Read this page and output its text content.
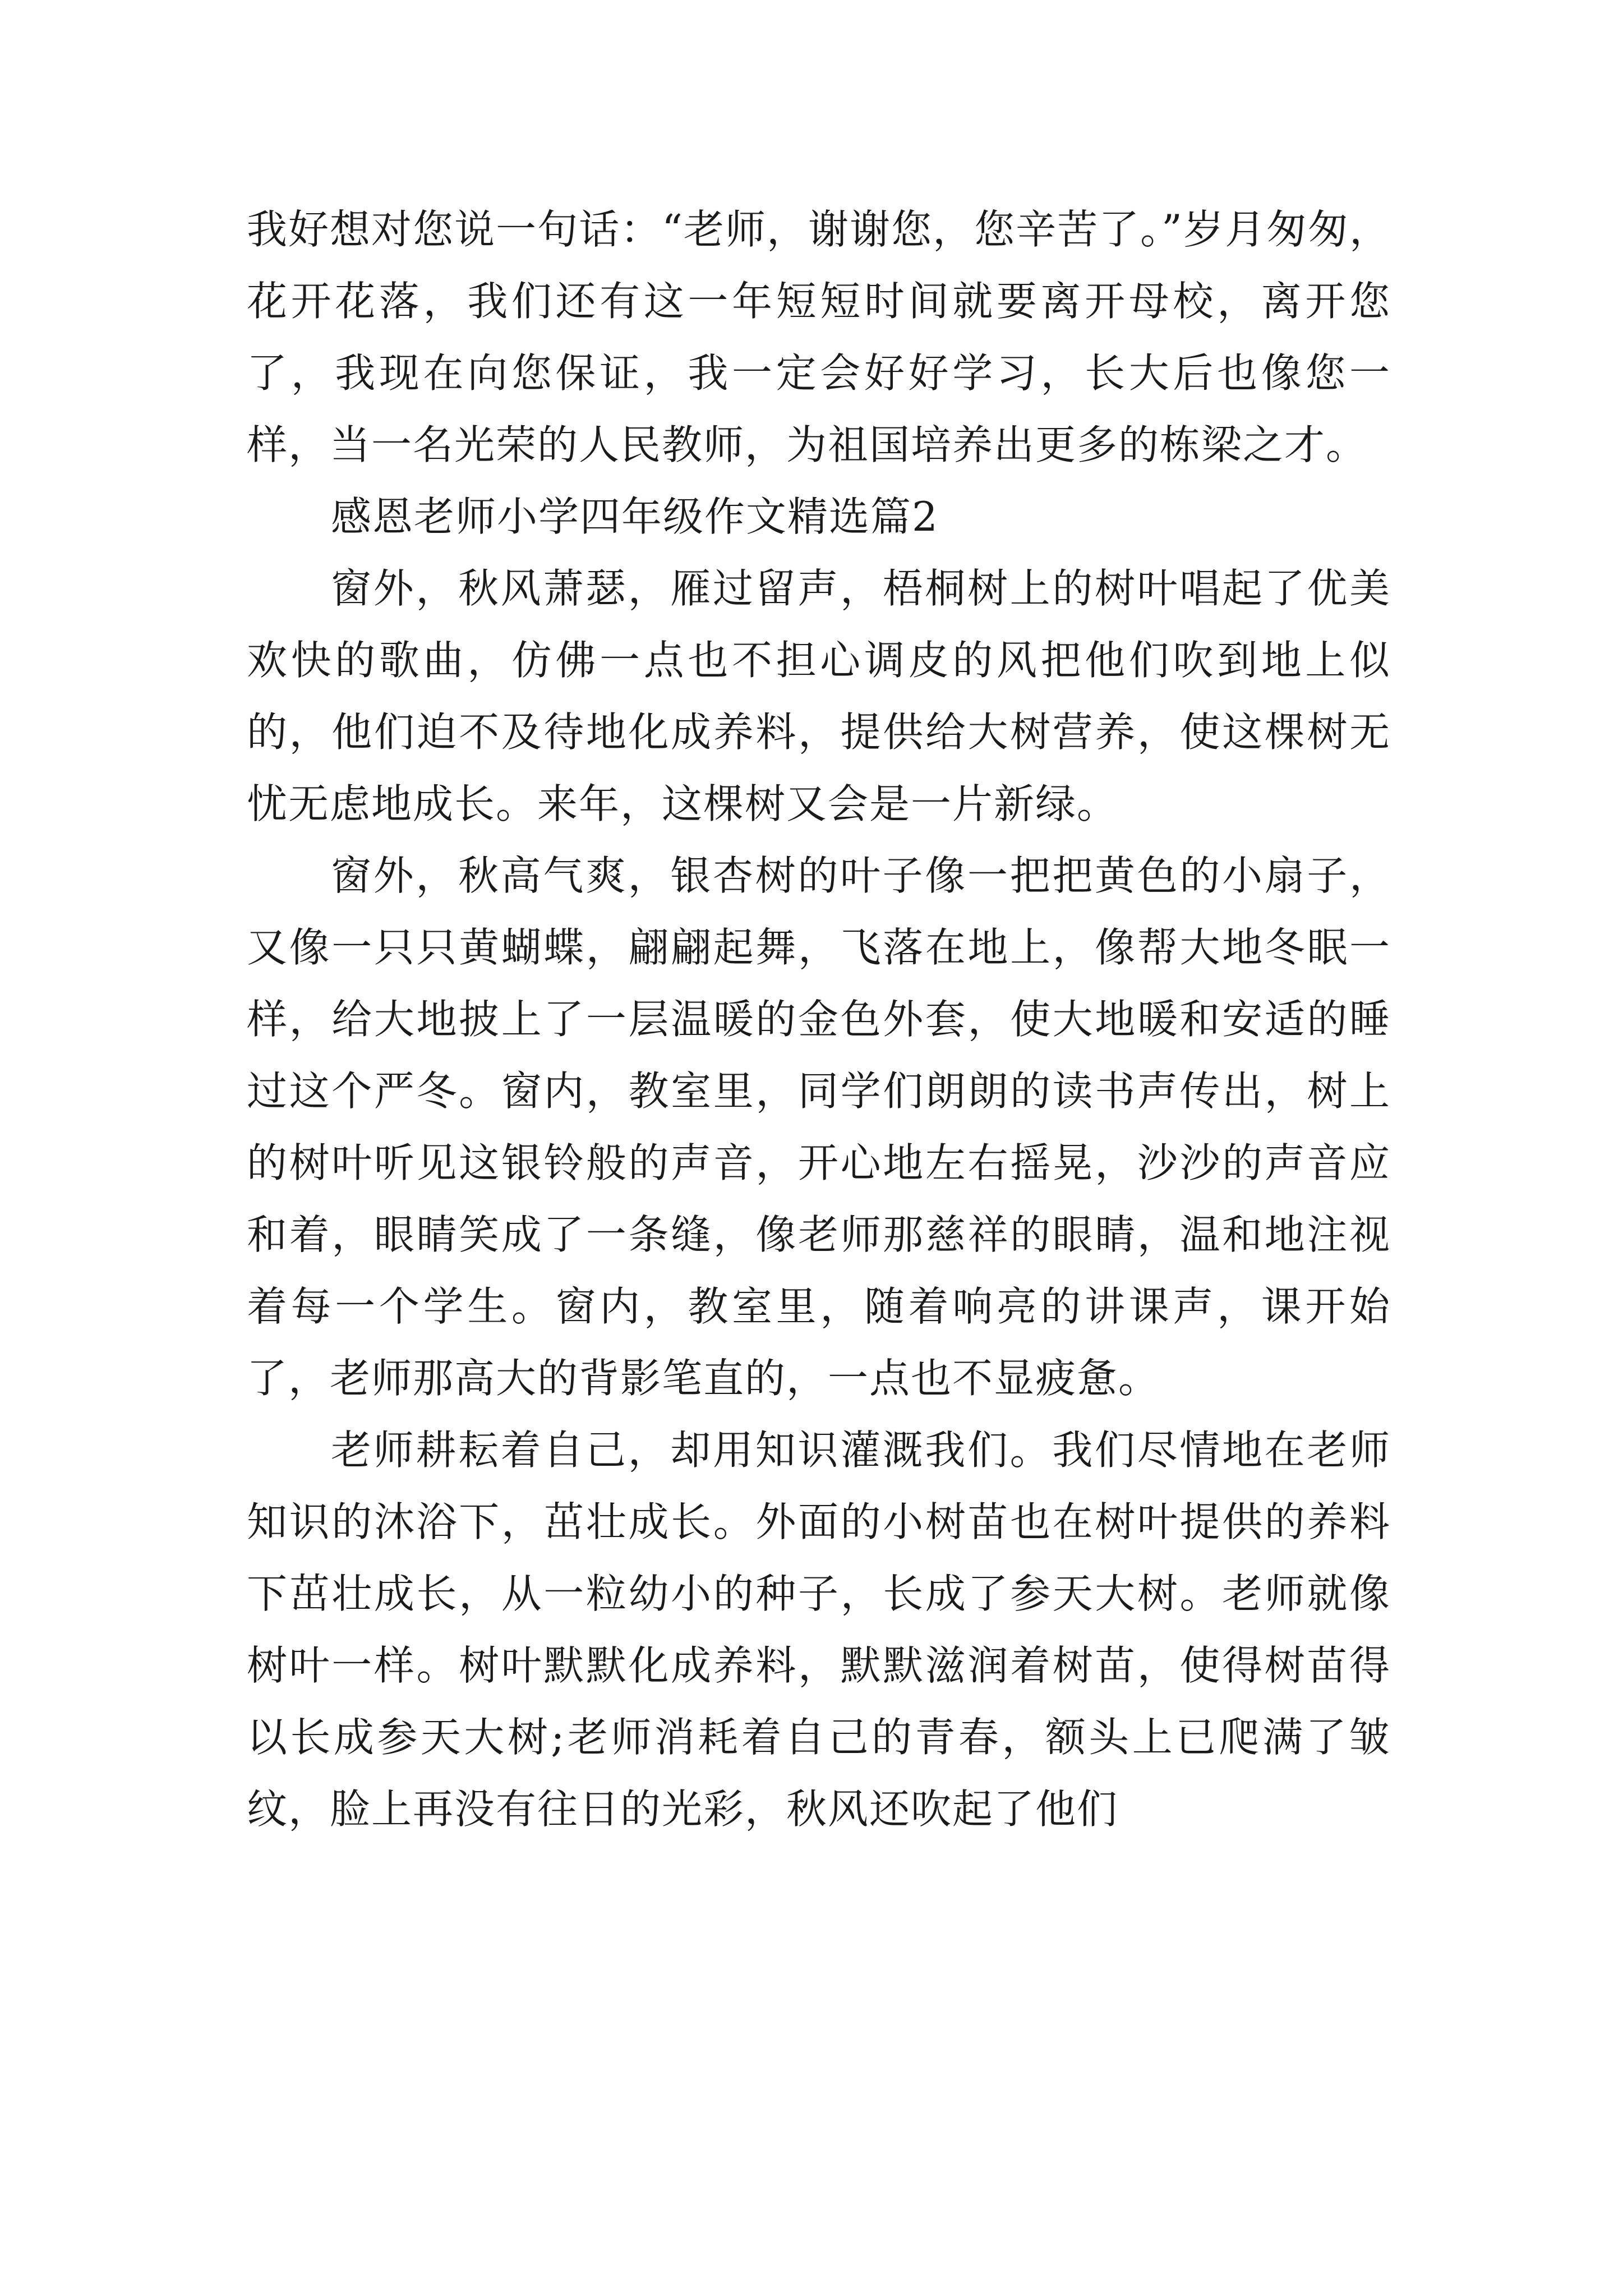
我好想对您说一句话：“老师，谢谢您，您辛苦了。”岁月匆匆，花开花落，我们还有这一年短短时间就要离开母校，离开您了，我现在向您保证，我一定会好好学习，长大后也像您一样，当一名光荣的人民教师，为祖国培养出更多的栋梁之才。

感恩老师小学四年级作文精选篇2

窗外，秋风萧瑟，雁过留声，梧桐树上的树叶唱起了优美欢快的歌曲，仿佛一点也不担心调皮的风把他们吹到地上似的，他们迫不及待地化成养料，提供给大树营养，使这棵树无忧无虑地成长。来年，这棵树又会是一片新绿。

窗外，秋高气爽，银杏树的叶子像一把把黄色的小扇子，又像一只只黄蝴蝶，翩翩起舞，飞落在地上，像帮大地冬眠一样，给大地披上了一层温暖的金色外套，使大地暖和安适的睡过这个严冬。窗内，教室里，同学们朗朗的读书声传出，树上的树叶听见这银铃般的声音，开心地左右摇晃，沙沙的声音应和着，眼睛笑成了一条缝，像老师那慈祥的眼睛，温和地注视着每一个学生。窗内，教室里，随着响亮的讲课声，课开始了，老师那高大的背影笔直的，一点也不显疲惫。

老师耕耘着自己，却用知识灌溉我们。我们尽情地在老师知识的沐浴下，茁壮成长。外面的小树苗也在树叶提供的养料下茁壮成长，从一粒幼小的种子，长成了参天大树。老师就像树叶一样。树叶默默化成养料，默默滋润着树苗，使得树苗得以长成参天大树;老师消耗着自己的青春，额头上已爬满了皱纹，脸上再没有往日的光彩，秋风还吹起了他们
